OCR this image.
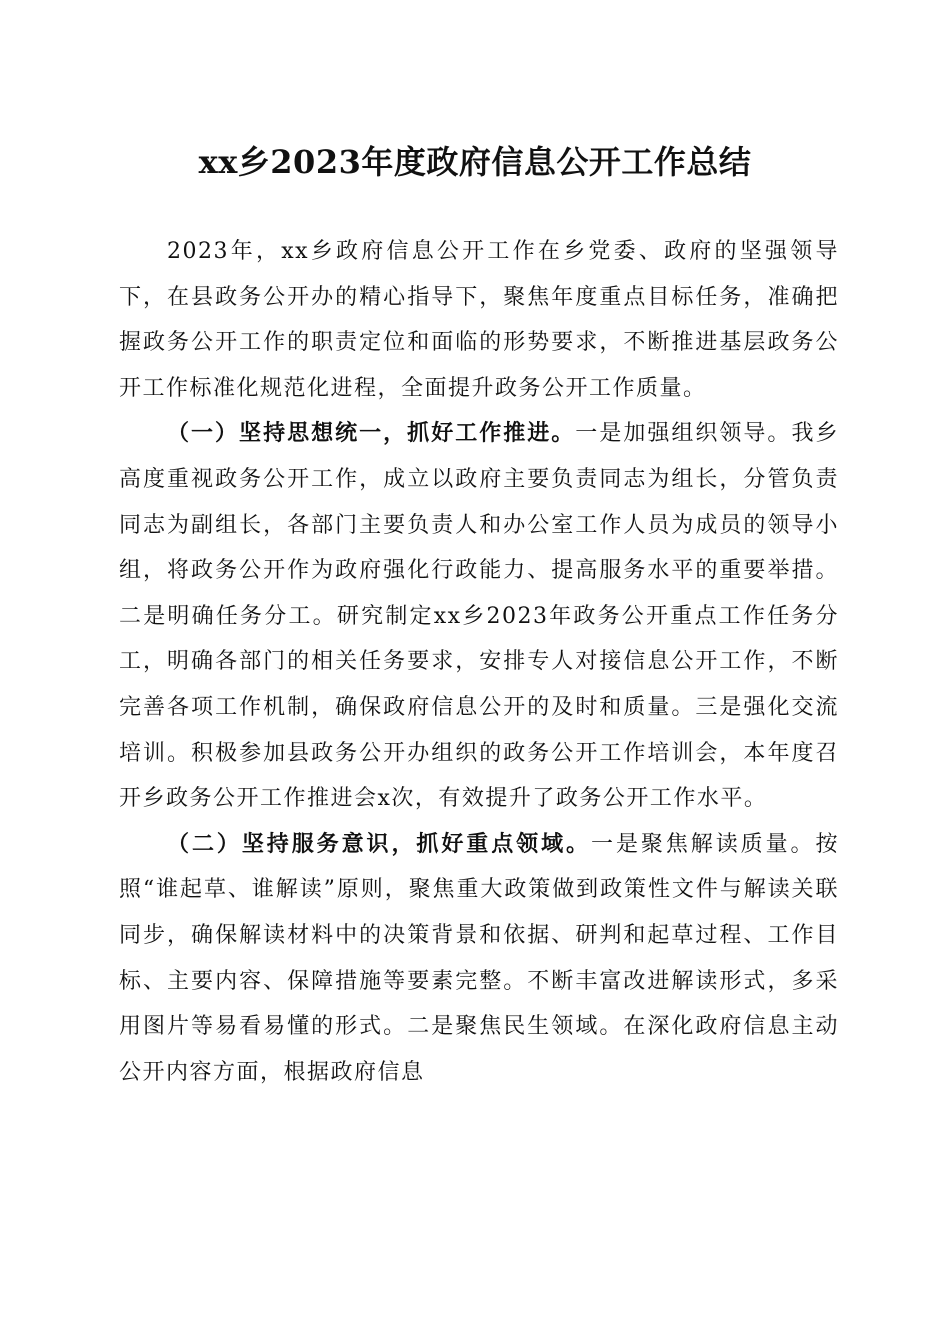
xx乡2023年度政府信息公开工作总结

2023年，xx乡政府信息公开工作在乡党委、政府的坚强领导下，在县政务公开办的精心指导下，聚焦年度重点目标任务，准确把握政务公开工作的职责定位和面临的形势要求，不断推进基层政务公开工作标准化规范化进程，全面提升政务公开工作质量。

（一）坚持思想统一，抓好工作推进。一是加强组织领导。我乡高度重视政务公开工作，成立以政府主要负责同志为组长，分管负责同志为副组长，各部门主要负责人和办公室工作人员为成员的领导小组，将政务公开作为政府强化行政能力、提高服务水平的重要举措。二是明确任务分工。研究制定xx乡2023年政务公开重点工作任务分工，明确各部门的相关任务要求，安排专人对接信息公开工作，不断完善各项工作机制，确保政府信息公开的及时和质量。三是强化交流培训。积极参加县政务公开办组织的政务公开工作培训会，本年度召开乡政务公开工作推进会x次，有效提升了政务公开工作水平。

（二）坚持服务意识，抓好重点领域。一是聚焦解读质量。按照“谁起草、谁解读”原则，聚焦重大政策做到政策性文件与解读关联同步，确保解读材料中的决策背景和依据、研判和起草过程、工作目标、主要内容、保障措施等要素完整。不断丰富改进解读形式，多采用图片等易看易懂的形式。二是聚焦民生领域。在深化政府信息主动公开内容方面，根据政府信息
